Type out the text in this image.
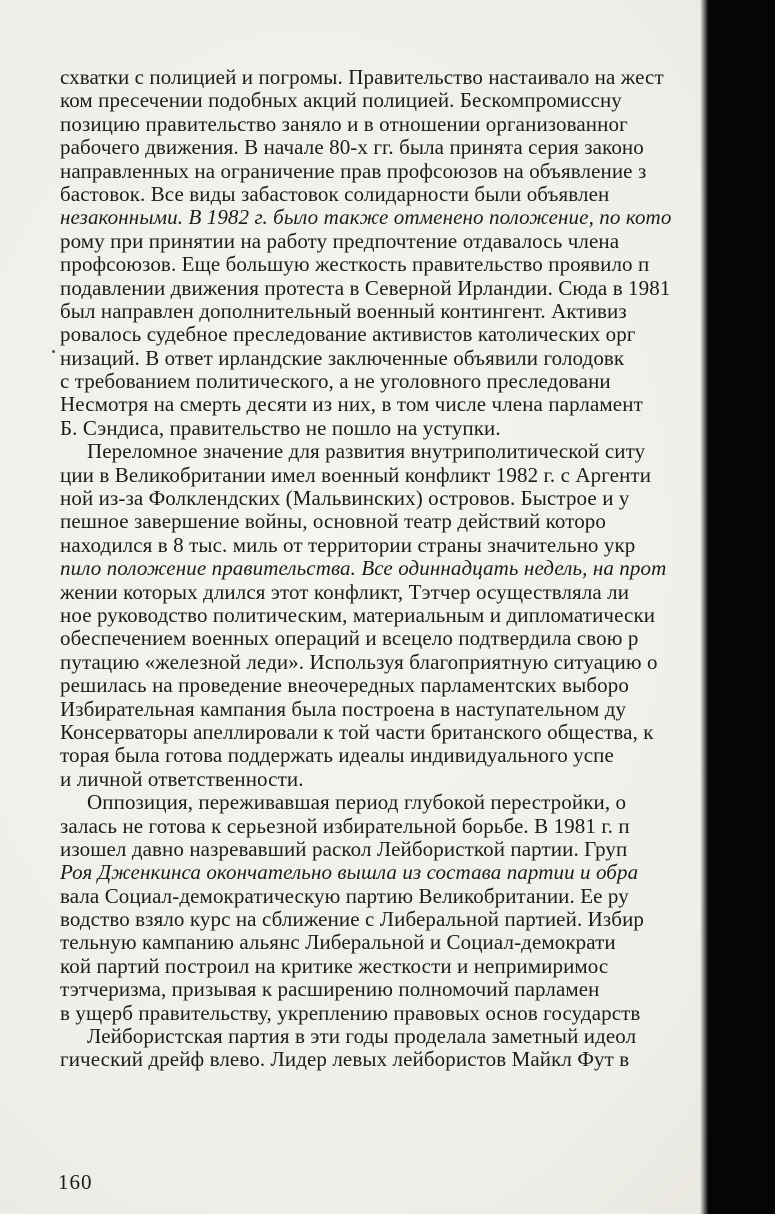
схватки с полицией и погромы. Правительство настаивало на жест
ком пресечении подобных акций полицией. Бескомпромиссну
позицию правительство заняло и в отношении организованног
рабочего движения. В начале 80-х гг. была принята серия законо
направленных на ограничение прав профсоюзов на объявление з
бастовок. Все виды забастовок солидарности были объявлен
незаконными. В 1982 г. было также отменено положение, по кото
рому при принятии на работу предпочтение отдавалось члена
профсоюзов. Еще большую жесткость правительство проявило п
подавлении движения протеста в Северной Ирландии. Сюда в 1981
был направлен дополнительный военный контингент. Активиз
ровалось судебное преследование активистов католических орг
низаций. В ответ ирландские заключенные объявили голодовк
с требованием политического, а не уголовного преследовани
Несмотря на смерть десяти из них, в том числе члена парламент
Б. Сэндиса, правительство не пошло на уступки.
Переломное значение для развития внутриполитической ситу
ции в Великобритании имел военный конфликт 1982 г. с Аргенти
ной из-за Фолклендских (Мальвинских) островов. Быстрое и у
пешное завершение войны, основной театр действий которо
находился в 8 тыс. миль от территории страны значительно укр
пило положение правительства. Все одиннадцать недель, на прот
жении которых длился этот конфликт, Тэтчер осуществляла ли
ное руководство политическим, материальным и дипломатически
обеспечением военных операций и всецело подтвердила свою р
путацию «железной леди». Используя благоприятную ситуацию о
решилась на проведение внеочередных парламентских выборо
Избирательная кампания была построена в наступательном ду
Консерваторы апеллировали к той части британского общества, к
торая была готова поддержать идеалы индивидуального успе
и личной ответственности.
Оппозиция, переживавшая период глубокой перестройки, о
залась не готова к серьезной избирательной борьбе. В 1981 г. п
изошел давно назревавший раскол Лейбористкой партии. Груп
Роя Дженкинса окончательно вышла из состава партии и обра
вала Социал-демократическую партию Великобритании. Ее ру
водство взяло курс на сближение с Либеральной партией. Избир
тельную кампанию альянс Либеральной и Социал-демократи
кой партий построил на критике жесткости и непримиримос
тэтчеризма, призывая к расширению полномочий парламен
в ущерб правительству, укреплению правовых основ государств
Лейбористская партия в эти годы проделала заметный идеол
гический дрейф влево. Лидер левых лейбористов Майкл Фут в
160
